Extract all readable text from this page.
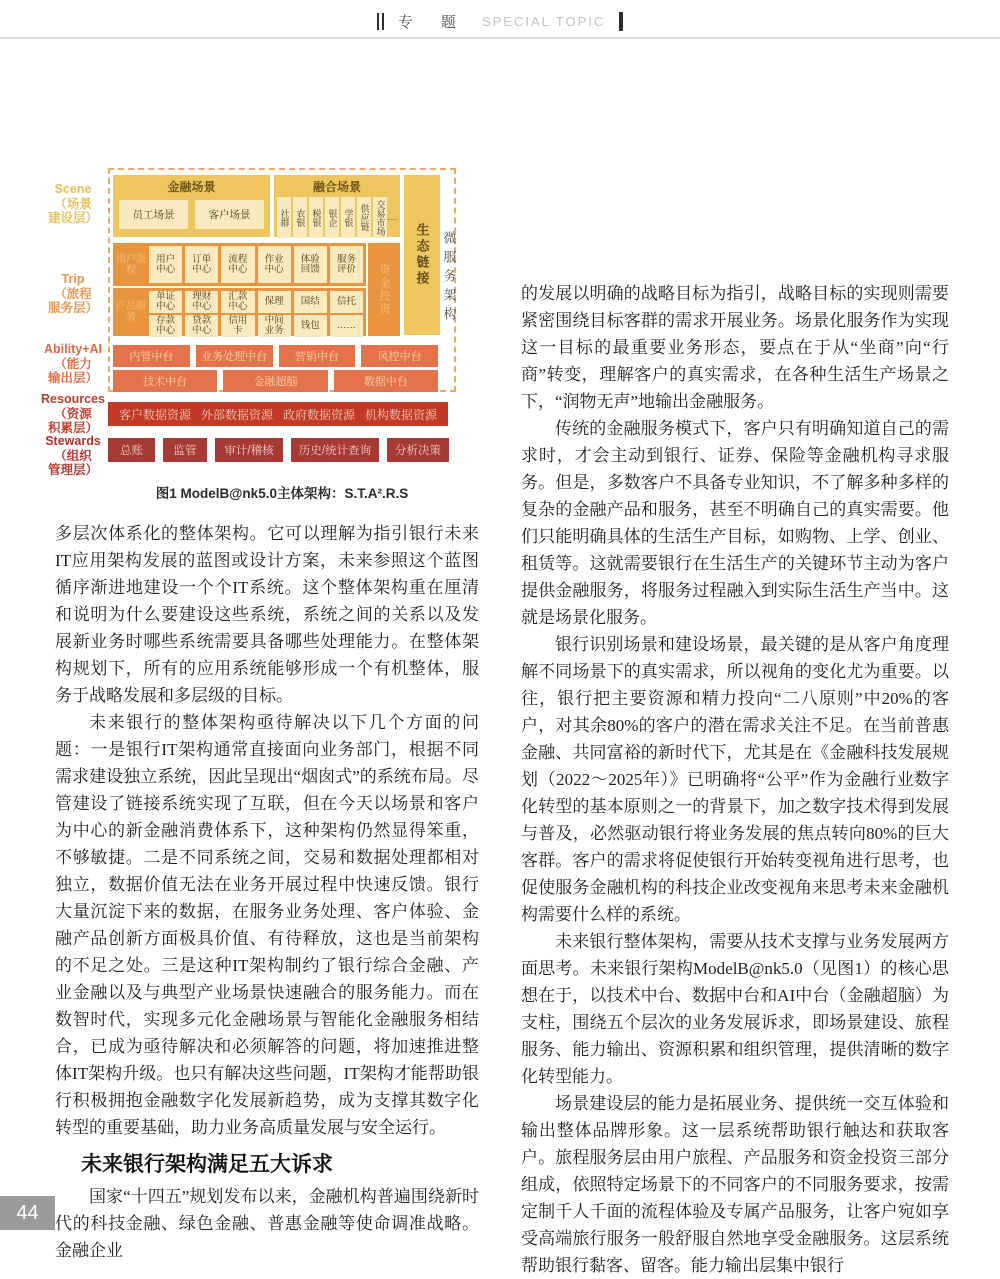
专 题 SPECIAL TOPIC
Scene
（场景
建设层）
Trip
（旅程
服务层）
Ability+AI
（能力
输出层）
Resources
（资源
积累层）
Stewards
（组织
管理层）
金融场景
员工场景	客户场景
融合场景
社群 农银 税银 银企 学银 供应链 交易市场 …
生态链接 微服务架构
用户旅程
用户中心
订单中心
流程中心
作业中心
体验回馈
服务评价
产品服务
单证中心
理财中心
汇款中心	保理	国结	信托
存款中心
贷款中心
信用卡
中间业务	钱包	……
资金投资
内管中台	业务处理中台	营销中台	风控中台
技术中台	金融超脑	数据中台
客户数据资源 外部数据资源 政府数据资源 机构数据资源
总账	监管	审计/稽核	历史/统计查询	分析决策
图1 ModelB@nk5.0主体架构：S.T.A².R.S

多层次体系化的整体架构。它可以理解为指引银行未来IT应用架构发展的蓝图或设计方案，未来参照这个蓝图循序渐进地建设一个个IT系统。这个整体架构重在厘清和说明为什么要建设这些系统，系统之间的关系以及发展新业务时哪些系统需要具备哪些处理能力。在整体架构规划下，所有的应用系统能够形成一个有机整体，服务于战略发展和多层级的目标。

未来银行的整体架构亟待解决以下几个方面的问题：一是银行IT架构通常直接面向业务部门，根据不同需求建设独立系统，因此呈现出“烟囱式”的系统布局。尽管建设了链接系统实现了互联，但在今天以场景和客户为中心的新金融消费体系下，这种架构仍然显得笨重，不够敏捷。二是不同系统之间，交易和数据处理都相对独立，数据价值无法在业务开展过程中快速反馈。银行大量沉淀下来的数据，在服务业务处理、客户体验、金融产品创新方面极具价值、有待释放，这也是当前架构的不足之处。三是这种IT架构制约了银行综合金融、产业金融以及与典型产业场景快速融合的服务能力。而在数智时代，实现多元化金融场景与智能化金融服务相结合，已成为亟待解决和必须解答的问题，将加速推进整体IT架构升级。也只有解决这些问题，IT架构才能帮助银行积极拥抱金融数字化发展新趋势，成为支撑其数字化转型的重要基础，助力业务高质量发展与安全运行。

未来银行架构满足五大诉求

国家“十四五”规划发布以来，金融机构普遍围绕新时代的科技金融、绿色金融、普惠金融等使命调准战略。金融企业

的发展以明确的战略目标为指引，战略目标的实现则需要紧密围绕目标客群的需求开展业务。场景化服务作为实现这一目标的最重要业务形态，要点在于从“坐商”向“行商”转变，理解客户的真实需求，在各种生活生产场景之下，“润物无声”地输出金融服务。

传统的金融服务模式下，客户只有明确知道自己的需求时，才会主动到银行、证券、保险等金融机构寻求服务。但是，多数客户不具备专业知识，不了解多种多样的复杂的金融产品和服务，甚至不明确自己的真实需要。他们只能明确具体的生活生产目标，如购物、上学、创业、租赁等。这就需要银行在生活生产的关键环节主动为客户提供金融服务，将服务过程融入到实际生活生产当中。这就是场景化服务。

银行识别场景和建设场景，最关键的是从客户角度理解不同场景下的真实需求，所以视角的变化尤为重要。以往，银行把主要资源和精力投向“二八原则”中20%的客户，对其余80%的客户的潜在需求关注不足。在当前普惠金融、共同富裕的新时代下，尤其是在《金融科技发展规划（2022～2025年）》已明确将“公平”作为金融行业数字化转型的基本原则之一的背景下，加之数字技术得到发展与普及，必然驱动银行将业务发展的焦点转向80%的巨大客群。客户的需求将促使银行开始转变视角进行思考，也促使服务金融机构的科技企业改变视角来思考未来金融机构需要什么样的系统。

未来银行整体架构，需要从技术支撑与业务发展两方面思考。未来银行架构ModelB@nk5.0（见图1）的核心思想在于，以技术中台、数据中台和AI中台（金融超脑）为支柱，围绕五个层次的业务发展诉求，即场景建设、旅程服务、能力输出、资源积累和组织管理，提供清晰的数字化转型能力。

场景建设层的能力是拓展业务、提供统一交互体验和输出整体品牌形象。这一层系统帮助银行触达和获取客户。旅程服务层由用户旅程、产品服务和资金投资三部分组成，依照特定场景下的不同客户的不同服务要求，按需定制千人千面的流程体验及专属产品服务，让客户宛如享受高端旅行服务一般舒服自然地享受金融服务。这层系统帮助银行黏客、留客。能力输出层集中银行

44
